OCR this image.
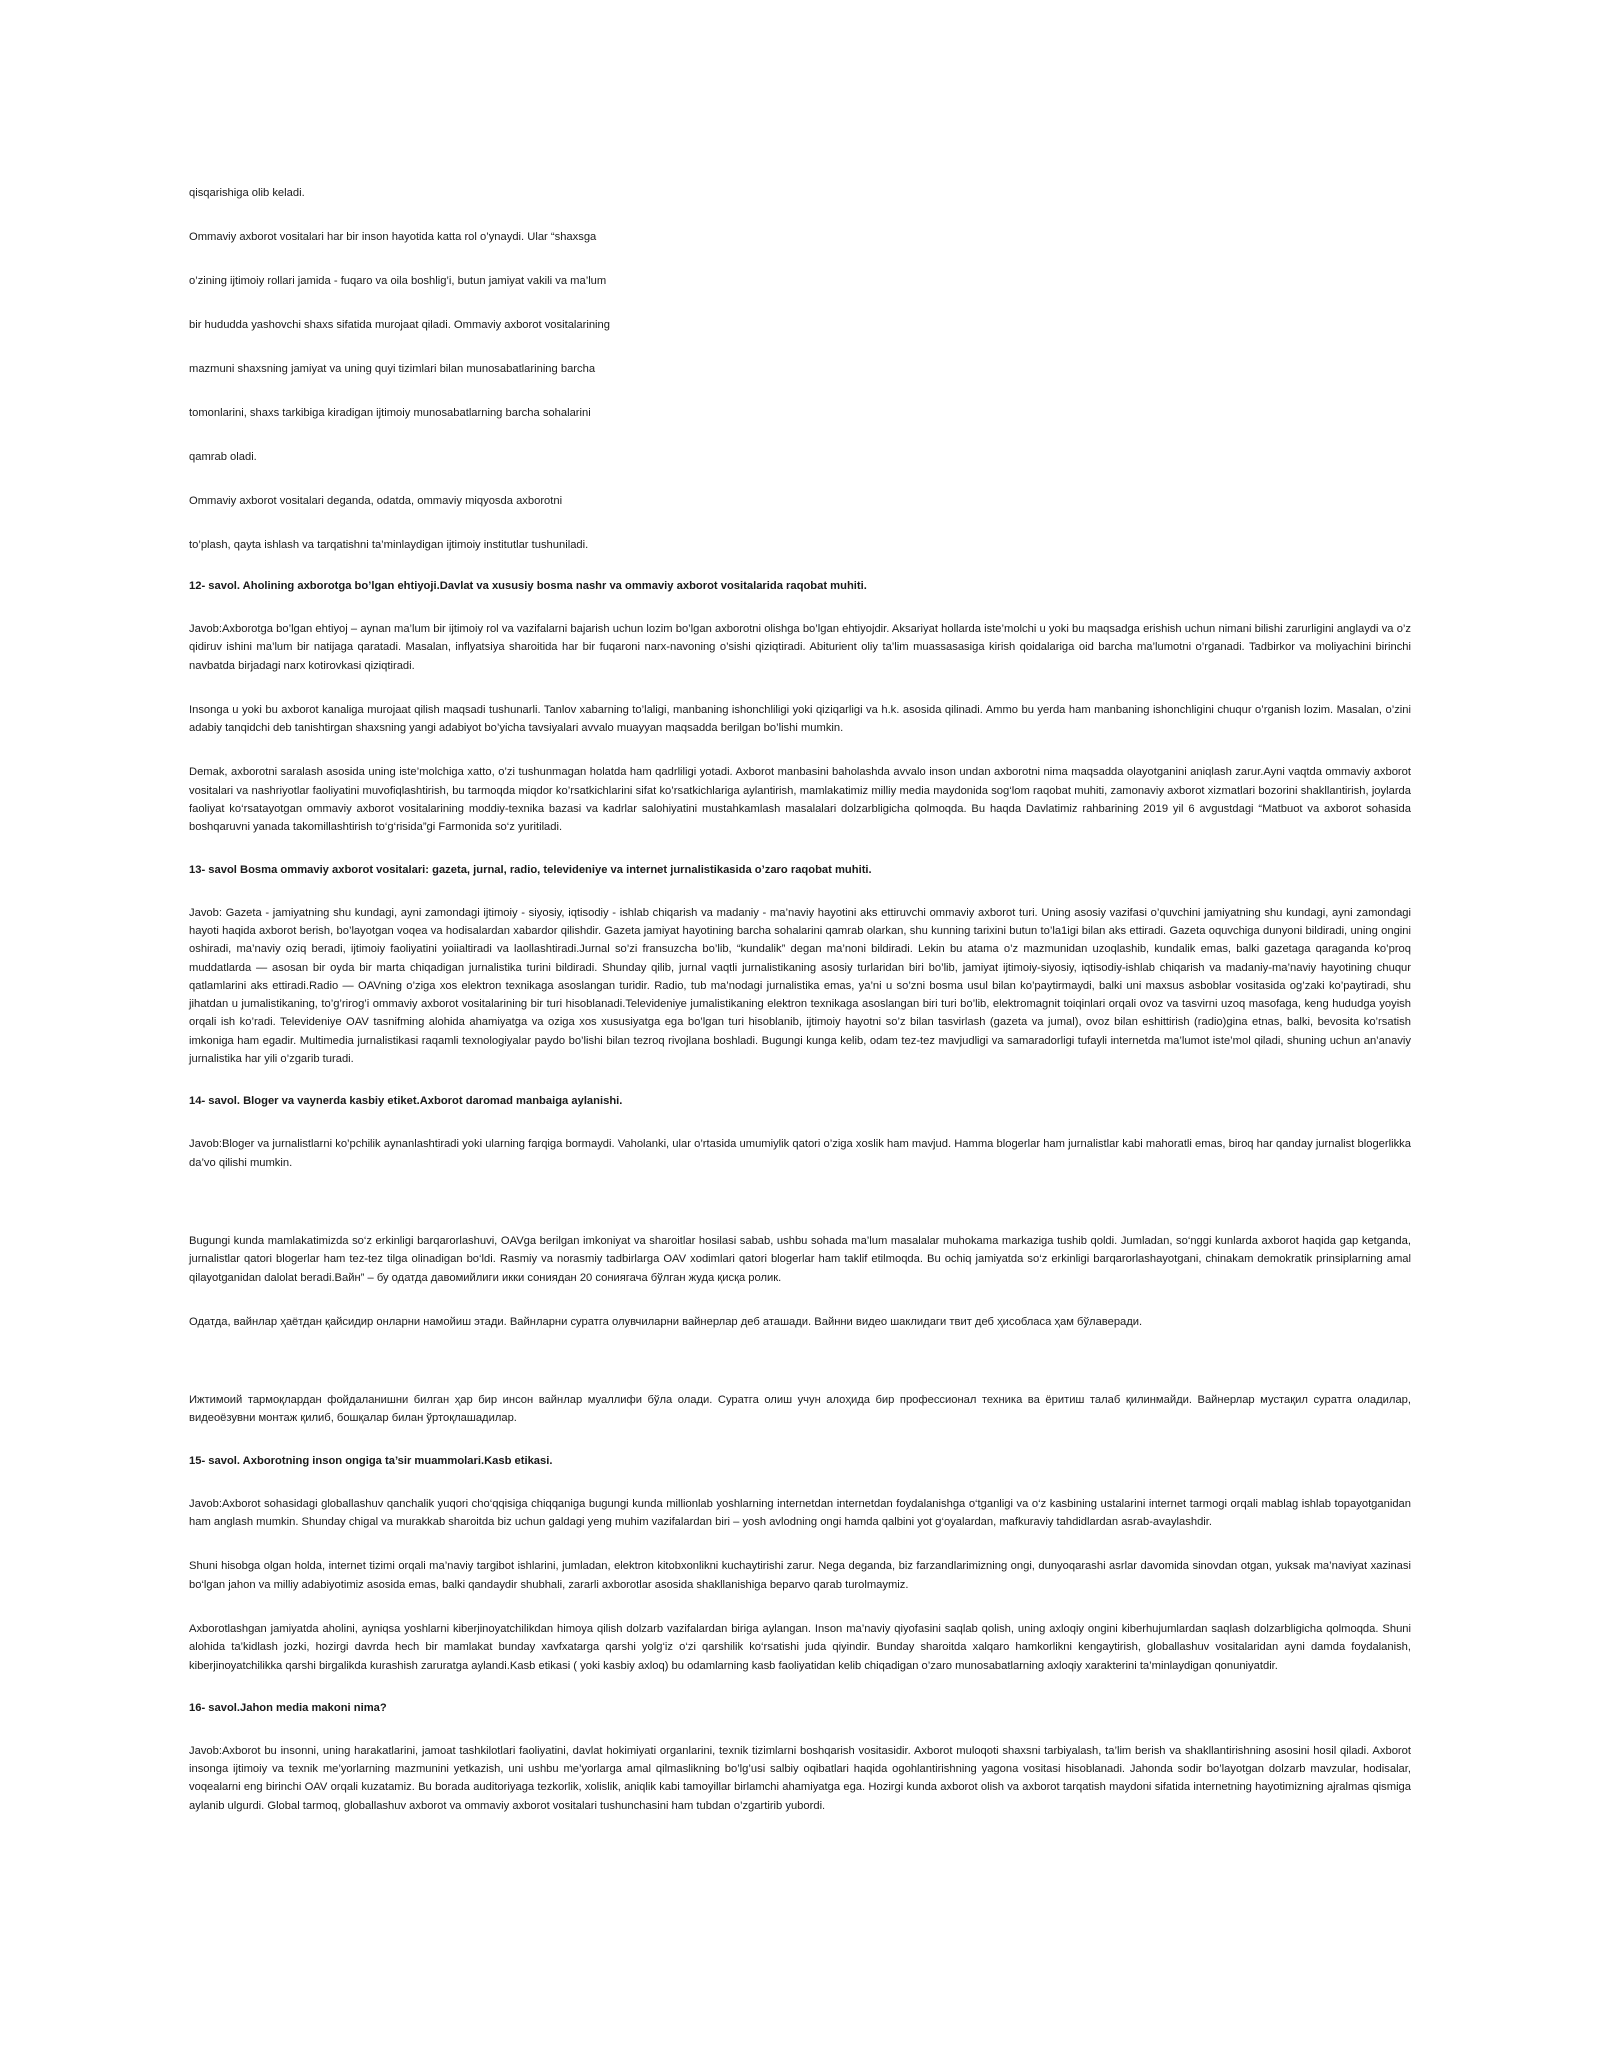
qisqarishiga olib keladi.
Ommaviy axborot vositalari har bir inson hayotida katta rol o’ynaydi. Ular “shaxsga
o’zining ijtimoiy rollari jamida - fuqaro va oila boshlig’i, butun jamiyat vakili va ma’lum
bir hududda yashovchi shaxs sifatida murojaat qiladi. Ommaviy axborot vositalarining
mazmuni shaxsning jamiyat va uning quyi tizimlari bilan munosabatlarining barcha
tomonlarini, shaxs tarkibiga kiradigan ijtimoiy munosabatlarning barcha sohalarini
qamrab oladi.
Ommaviy axborot vositalari deganda, odatda, ommaviy miqyosda axborotni
to’plash, qayta ishlash va tarqatishni ta’minlaydigan ijtimoiy institutlar tushuniladi.
12- savol. Aholining axborotga bo’lgan ehtiyoji.Davlat va xususiy bosma nashr va ommaviy axborot vositalarida raqobat muhiti.

Javob:Axborotga bo’lgan ehtiyoj – aynan ma’lum bir ijtimoiy rol va vazifalarni bajarish uchun lozim bo’lgan axborotni olishga bo’lgan ehtiyojdir. Aksariyat hollarda iste’molchi u yoki bu maqsadga erishish uchun nimani bilishi zarurligini anglaydi va o’z qidiruv ishini ma’lum bir natijaga qaratadi. Masalan, inflyatsiya sharoitida har bir fuqaroni narx-navoning o’sishi qiziqtiradi. Abiturient oliy ta’lim muassasasiga kirish qoidalariga oid barcha ma’lumotni o’rganadi. Tadbirkor va moliyachini birinchi navbatda birjadagi narx kotirovkasi qiziqtiradi.

Insonga u yoki bu axborot kanaliga murojaat qilish maqsadi tushunarli. Tanlov xabarning to’laligi, manbaning ishonchliligi yoki qiziqarligi va h.k. asosida qilinadi. Ammo bu yerda ham manbaning ishonchligini chuqur o’rganish lozim. Masalan, o’zini adabiy tanqidchi deb tanishtirgan shaxsning yangi adabiyot bo’yicha tavsiyalari avvalo muayyan maqsadda berilgan bo’lishi mumkin.

Demak, axborotni saralash asosida uning iste’molchiga xatto, o’zi tushunmagan holatda ham qadrliligi yotadi. Axborot manbasini baholashda avvalo inson undan axborotni nima maqsadda olayotganini aniqlash zarur.Ayni vaqtda ommaviy axborot vositalari va nashriyotlar faoliyatini muvofiqlashtirish, bu tarmoqda miqdor ko’rsatkichlarini sifat ko’rsatkichlariga aylantirish, mamlakatimiz milliy media maydonida sog‘lom raqobat muhiti, zamonaviy axborot xizmatlari bozorini shakllantirish, joylarda faoliyat ko‘rsatayotgan ommaviy axborot vositalarining moddiy-texnika bazasi va kadrlar salohiyatini mustahkamlash masalalari dolzarbligicha qolmoqda. Bu haqda Davlatimiz rahbarining 2019 yil 6 avgustdagi “Matbuot va axborot sohasida boshqaruvni yanada takomillashtirish to‘g‘risida”gi Farmonida so‘z yuritiladi.

13- savol Bosma ommaviy axborot vositalari: gazeta, jurnal, radio, televideniye va internet jurnalistikasida o’zaro raqobat muhiti.

Javob: Gazeta - jamiyatning shu kundagi, ayni zamondagi ijtimoiy - siyosiy, iqtisodiy - ishlab chiqarish va madaniy - ma’naviy hayotini aks ettiruvchi ommaviy axborot turi. Uning asosiy vazifasi o’quvchini jamiyatning shu kundagi, ayni zamondagi hayoti haqida axborot berish, bo’layotgan voqea va hodisalardan xabardor qilishdir. Gazeta jamiyat hayotining barcha sohalarini qamrab olarkan, shu kunning tarixini butun to’la1igi bilan aks ettiradi. Gazeta oquvchiga dunyoni bildiradi, uning ongini oshiradi, ma’naviy oziq beradi, ijtimoiy faoliyatini yoiialtiradi va laollashtiradi.Jurnal so’zi fransuzcha bo’lib, “kundalik” degan ma’noni bildiradi. Lekin bu atama o’z mazmunidan uzoqlashib, kundalik emas, balki gazetaga qaraganda ko’proq muddatlarda — asosan bir oyda bir marta chiqadigan jurnalistika turini bildiradi. Shunday qilib, jurnal vaqtli jurnalistikaning asosiy turlaridan biri bo’lib, jamiyat ijtimoiy-siyosiy, iqtisodiy-ishlab chiqarish va madaniy-ma’naviy hayotining chuqur qatlamlarini aks ettiradi.Radio — OAVning o’ziga xos elektron texnikaga asoslangan turidir. Radio, tub ma’nodagi jurnalistika emas, ya’ni u so’zni bosma usul bilan ko’paytirmaydi, balki uni maxsus asboblar vositasida og’zaki ko’paytiradi, shu jihatdan u jumalistikaning, to’g’rirog’i ommaviy axborot vositalarining bir turi hisoblanadi.Televideniye jumalistikaning elektron texnikaga asoslangan biri turi bo’lib, elektromagnit toiqinlari orqali ovoz va tasvirni uzoq masofaga, keng hududga yoyish orqali ish ko’radi. Televideniye OAV tasnifming alohida ahamiyatga va oziga xos xususiyatga ega bo’lgan turi hisoblanib, ijtimoiy hayotni so’z bilan tasvirlash (gazeta va jumal), ovoz bilan eshittirish (radio)gina etnas, balki, bevosita ko’rsatish imkoniga ham egadir. Multimedia jurnalistikasi raqamli texnologiyalar paydo bo’lishi bilan tezroq rivojlana boshladi. Bugungi kunga kelib, odam tez-tez mavjudligi va samaradorligi tufayli internetda ma’lumot iste’mol qiladi, shuning uchun an’anaviy jurnalistika har yili o’zgarib turadi.

14- savol. Bloger va vaynerda kasbiy etiket.Axborot daromad manbaiga aylanishi.

Javob:Bloger va jurnalistlarni ko’pchilik aynanlashtiradi yoki ularning farqiga bormaydi. Vaholanki, ular o’rtasida umumiylik qatori o’ziga xoslik ham mavjud. Hamma blogerlar ham jurnalistlar kabi mahoratli emas, biroq har qanday jurnalist blogerlikka da’vo qilishi mumkin.

Bugungi kunda mamlakatimizda so‘z erkinligi barqarorlashuvi, OAVga berilgan imkoniyat va sharoitlar hosilasi sabab, ushbu sohada ma’lum masalalar muhokama markaziga tushib qoldi. Jumladan, so‘nggi kunlarda axborot haqida gap ketganda, jurnalistlar qatori blogerlar ham tez-tez tilga olinadigan bo‘ldi. Rasmiy va norasmiy tadbirlarga OAV xodimlari qatori blogerlar ham taklif etilmoqda. Bu ochiq jamiyatda so‘z erkinligi barqarorlashayotgani, chinakam demokratik prinsiplarning amal qilayotganidan dalolat beradi.Вайн” – бу одатда давомийлиги икки сониядан 20 сониягача бўлган жуда қисқа ролик.

Одатда, вайнлар ҳаётдан қайсидир онларни намойиш этади. Вайнларни суратга олувчиларни вайнерлар деб аташади. Вайнни видео шаклидаги твит деб ҳисобласа ҳам бўлаверади.

Ижтимоий тармоқлардан фойдаланишни билган ҳар бир инсон вайнлар муаллифи бўла олади. Суратга олиш учун алоҳида бир профессионал техника ва ёритиш талаб қилинмайди. Вайнерлар мустақил суратга оладилар, видеоёзувни монтаж қилиб, бошқалар билан ўртоқлашадилар.

15- savol. Axborotning inson ongiga ta’sir muammolari.Kasb etikasi.

Javob:Axborot sohasidagi globallashuv qanchalik yuqori cho‘qqisiga chiqqaniga bugungi kunda millionlab yoshlarning internetdan internetdan foydalanishga o‘tganligi va o‘z kasbining ustalarini internet tarmogi orqali mablag ishlab topayotganidan ham anglash mumkin. Shunday chigal va murakkab sharoitda biz uchun galdagi yeng muhim vazifalardan biri – yosh avlodning ongi hamda qalbini yot g‘oyalardan, mafkuraviy tahdidlardan asrab-avaylashdir.

Shuni hisobga olgan holda, internet tizimi orqali ma’naviy targibot ishlarini, jumladan, elektron kitobxonlikni kuchaytirishi zarur. Nega deganda, biz farzandlarimizning ongi, dunyoqarashi asrlar davomida sinovdan otgan, yuksak ma’naviyat xazinasi bo‘lgan jahon va milliy adabiyotimiz asosida emas, balki qandaydir shubhali, zararli axborotlar asosida shakllanishiga beparvo qarab turolmaymiz.

Axborotlashgan jamiyatda aholini, ayniqsa yoshlarni kiberjinoyatchilikdan himoya qilish dolzarb vazifalardan biriga aylangan. Inson ma’naviy qiyofasini saqlab qolish, uning axloqiy ongini kiberhujumlardan saqlash dolzarbligicha qolmoqda. Shuni alohida ta’kidlash jozki, hozirgi davrda hech bir mamlakat bunday xavfxatarga qarshi yolg‘iz o‘zi qarshilik ko‘rsatishi juda qiyindir. Bunday sharoitda xalqaro hamkorlikni kengaytirish, globallashuv vositalaridan ayni damda foydalanish, kiberjinoyatchilikka qarshi birgalikda kurashish zaruratga aylandi.Kasb etikasi ( yoki kasbiy axloq) bu odamlarning kasb faoliyatidan kelib chiqadigan o’zaro munosabatlarning axloqiy xarakterini ta’minlaydigan qonuniyatdir.

16- savol.Jahon media makoni nima?

Javob:Axborot bu insonni, uning harakatlarini, jamoat tashkilotlari faoliyatini, davlat hokimiyati organlarini, texnik tizimlarni boshqarish vositasidir. Axborot muloqoti shaxsni tarbiyalash, ta’lim berish va shakllantirishning asosini hosil qiladi. Axborot insonga ijtimoiy va texnik me’yorlarning mazmunini yetkazish, uni ushbu me’yorlarga amal qilmaslikning bo’lg’usi salbiy oqibatlari haqida ogohlantirishning yagona vositasi hisoblanadi. Jahonda sodir bo’layotgan dolzarb mavzular, hodisalar, voqealarni eng birinchi OAV orqali kuzatamiz. Bu borada auditoriyaga tezkorlik, xolislik, aniqlik kabi tamoyillar birlamchi ahamiyatga ega. Hozirgi kunda axborot olish va axborot tarqatish maydoni sifatida internetning hayotimizning ajralmas qismiga aylanib ulgurdi. Global tarmoq, globallashuv axborot va ommaviy axborot vositalari tushunchasini ham tubdan o’zgartirib yubordi.
